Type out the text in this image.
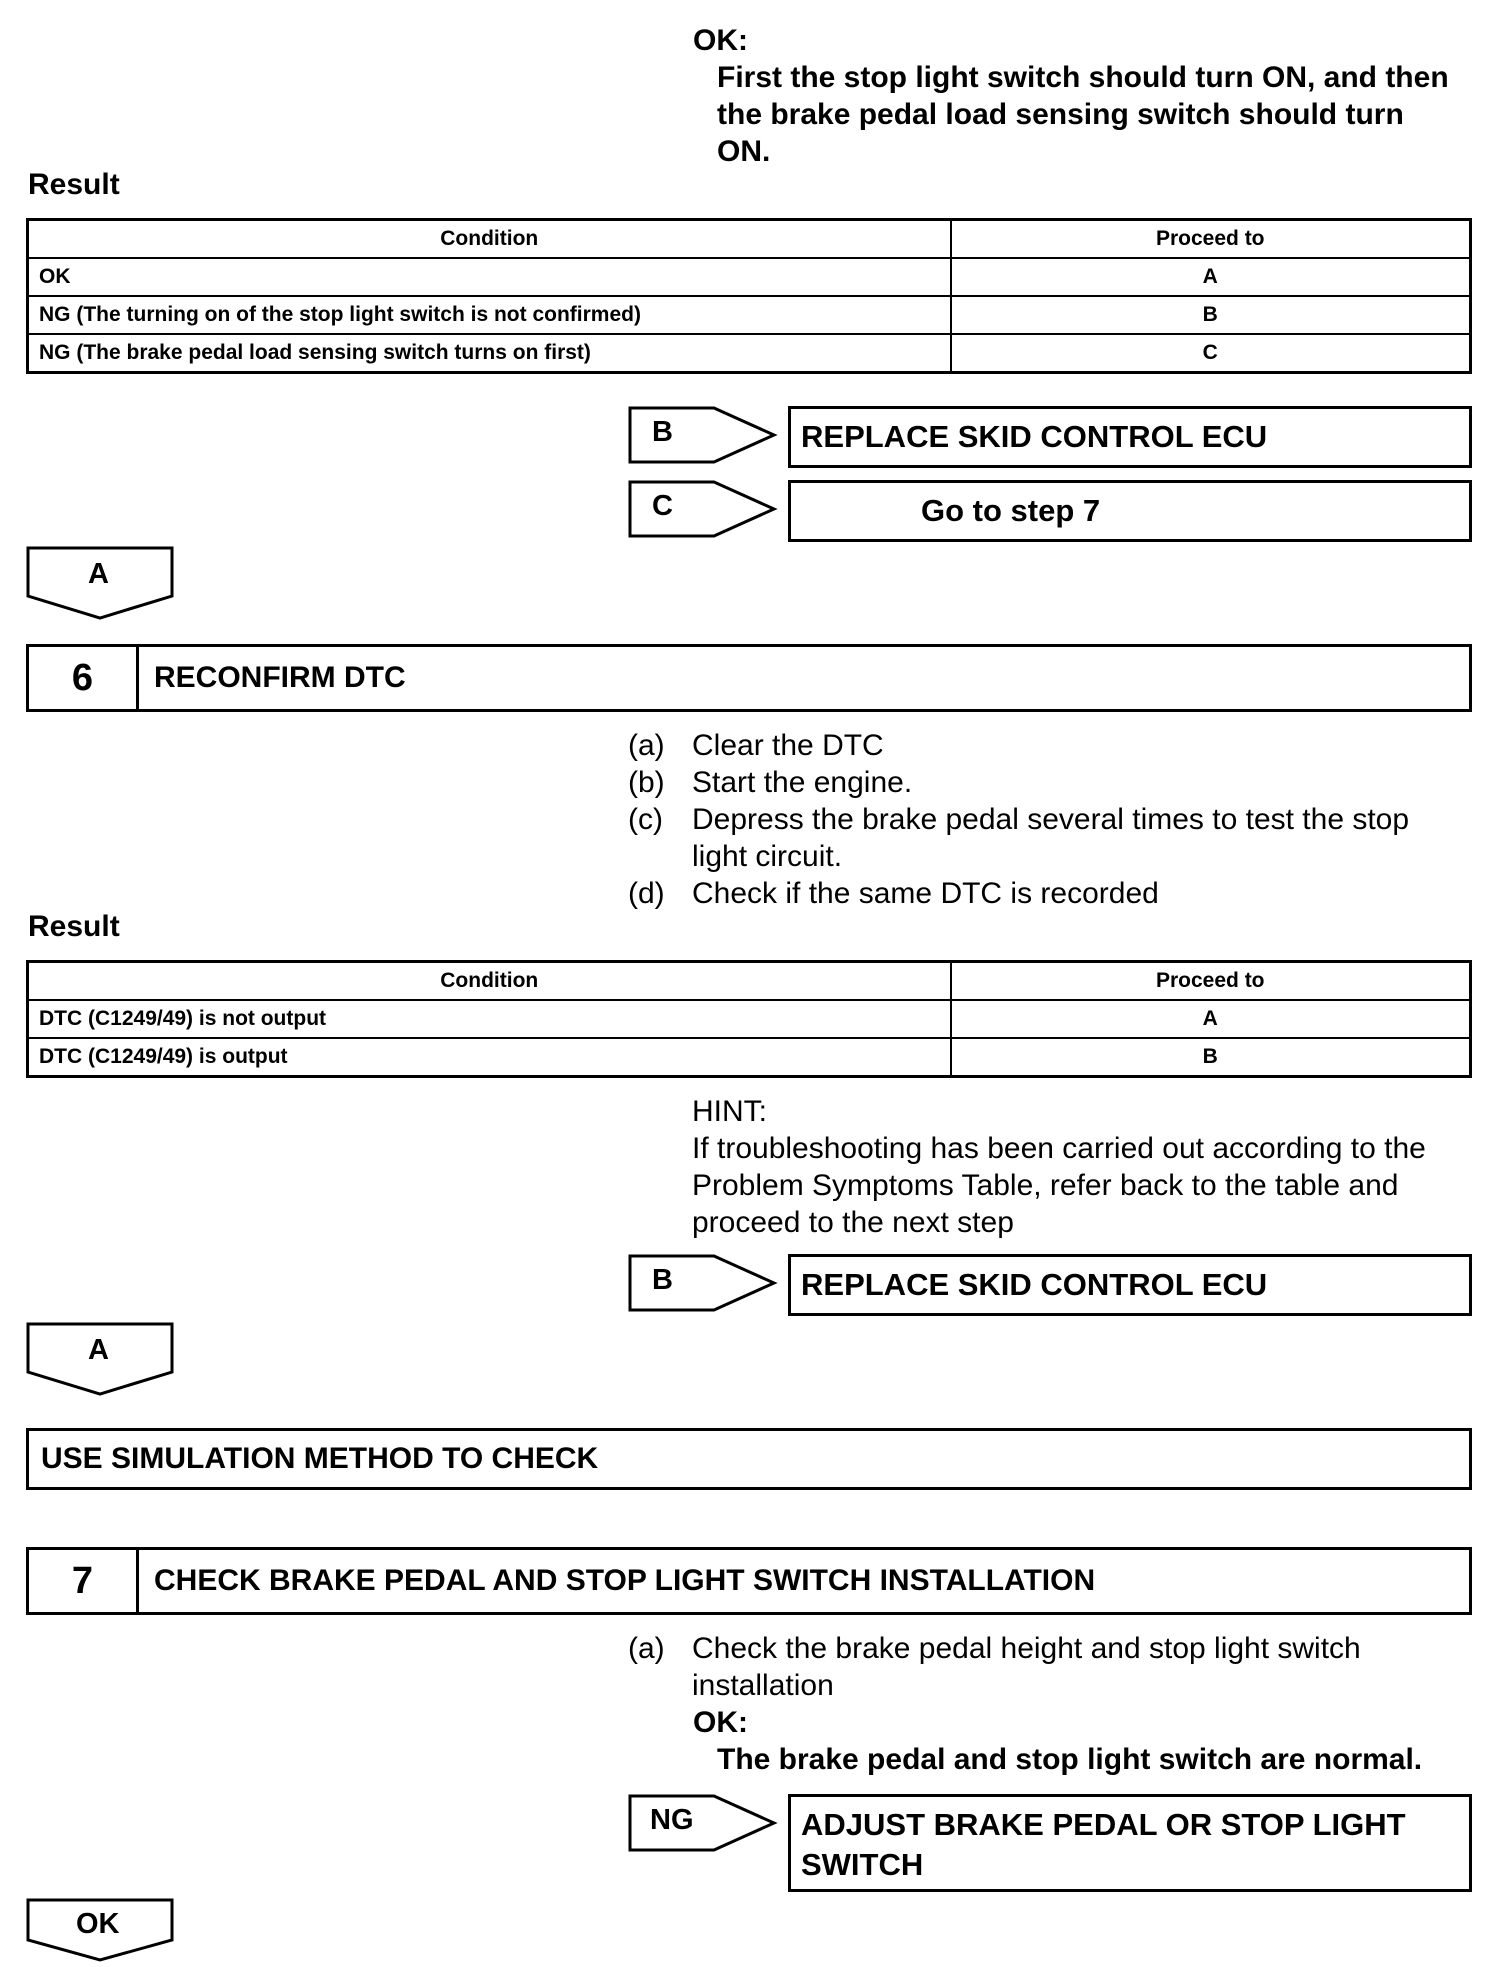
OK:
First the stop light switch should turn ON, and then
the brake pedal load sensing switch should turn
ON.
Result
Condition	Proceed to
OK	A
NG (The turning on of the stop light switch is not confirmed)	B
NG (The brake pedal load sensing switch turns on first)	C
B	REPLACE SKID CONTROL ECU
C	Go to step 7
A
6	RECONFIRM DTC
(a) Clear the DTC
(b) Start the engine.
(c) Depress the brake pedal several times to test the stop
light circuit.
(d) Check if the same DTC is recorded
Result
Condition	Proceed to
DTC (C1249/49) is not output	A
DTC (C1249/49) is output	B
HINT:
If troubleshooting has been carried out according to the
Problem Symptoms Table, refer back to the table and
proceed to the next step
B	REPLACE SKID CONTROL ECU
A
USE SIMULATION METHOD TO CHECK
7	CHECK BRAKE PEDAL AND STOP LIGHT SWITCH INSTALLATION
(a) Check the brake pedal height and stop light switch
installation
OK:
The brake pedal and stop light switch are normal.
NG	ADJUST BRAKE PEDAL OR STOP LIGHT
SWITCH
OK
